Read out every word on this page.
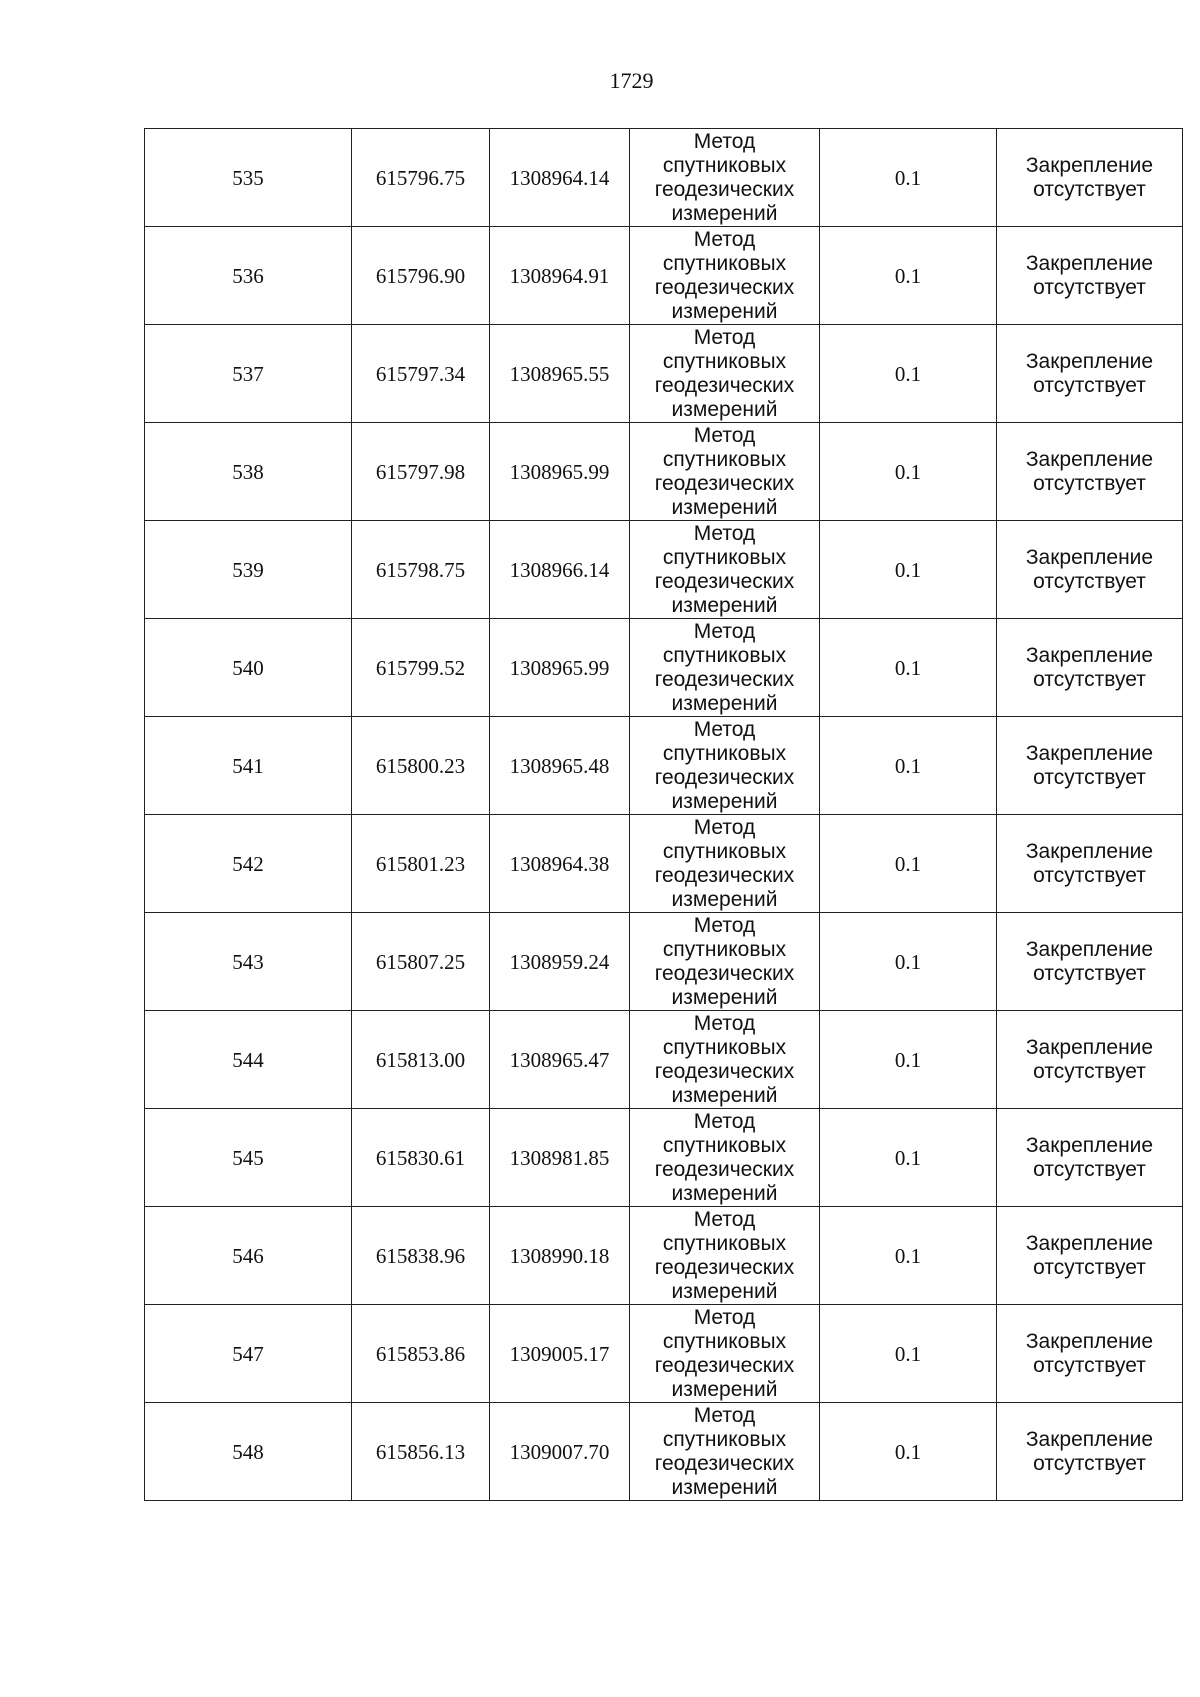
1729
535	615796.75	1308964.14	Метод
спутниковых
геодезических
измерений	0.1	Закрепление
отсутствует

536	615796.90	1308964.91	Метод
спутниковых
геодезических
измерений	0.1	Закрепление
отсутствует

537	615797.34	1308965.55	Метод
спутниковых
геодезических
измерений	0.1	Закрепление
отсутствует

538	615797.98	1308965.99	Метод
спутниковых
геодезических
измерений	0.1	Закрепление
отсутствует

539	615798.75	1308966.14	Метод
спутниковых
геодезических
измерений	0.1	Закрепление
отсутствует

540	615799.52	1308965.99	Метод
спутниковых
геодезических
измерений	0.1	Закрепление
отсутствует

541	615800.23	1308965.48	Метод
спутниковых
геодезических
измерений	0.1	Закрепление
отсутствует

542	615801.23	1308964.38	Метод
спутниковых
геодезических
измерений	0.1	Закрепление
отсутствует

543	615807.25	1308959.24	Метод
спутниковых
геодезических
измерений	0.1	Закрепление
отсутствует

544	615813.00	1308965.47	Метод
спутниковых
геодезических
измерений	0.1	Закрепление
отсутствует

545	615830.61	1308981.85	Метод
спутниковых
геодезических
измерений	0.1	Закрепление
отсутствует

546	615838.96	1308990.18	Метод
спутниковых
геодезических
измерений	0.1	Закрепление
отсутствует

547	615853.86	1309005.17	Метод
спутниковых
геодезических
измерений	0.1	Закрепление
отсутствует

548	615856.13	1309007.70	Метод
спутниковых
геодезических
измерений	0.1	Закрепление
отсутствует
